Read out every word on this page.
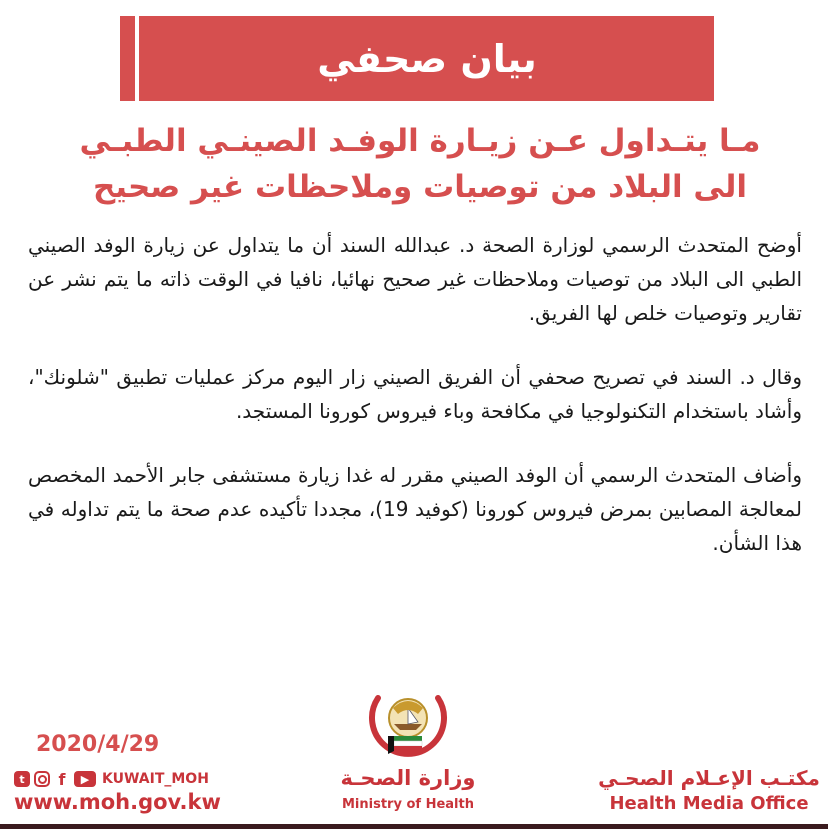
بيان صحفي
مـا يتـداول عـن زيـارة الوفـد الصينـي الطبـي
الى البلاد من توصيات وملاحظات غير صحيح

أوضح المتحدث الرسمي لوزارة الصحة د. عبدالله السند أن ما يتداول عن زيارة الوفد الصيني الطبي الى البلاد من توصيات وملاحظات غير صحيح نهائيا، نافيا في الوقت ذاته ما يتم نشر عن تقارير وتوصيات خلص لها الفريق.

وقال د. السند في تصريح صحفي أن الفريق الصيني زار اليوم مركز عمليات تطبيق "شلونك"، وأشاد باستخدام التكنولوجيا في مكافحة وباء فيروس كورونا المستجد.

وأضاف المتحدث الرسمي أن الوفد الصيني مقرر له غدا زيارة مستشفى جابر الأحمد المخصص لمعالجة المصابين بمرض فيروس كورونا (كوفيد 19)، مجددا تأكيده عدم صحة ما يتم تداوله في هذا الشأن.

2020/4/29
t	f	▶ KUWAIT_MOH
www.moh.gov.kw
وزارة الصحـة
Ministry of Health
مكتـب الإعـلام الصحـي
Health Media Office
